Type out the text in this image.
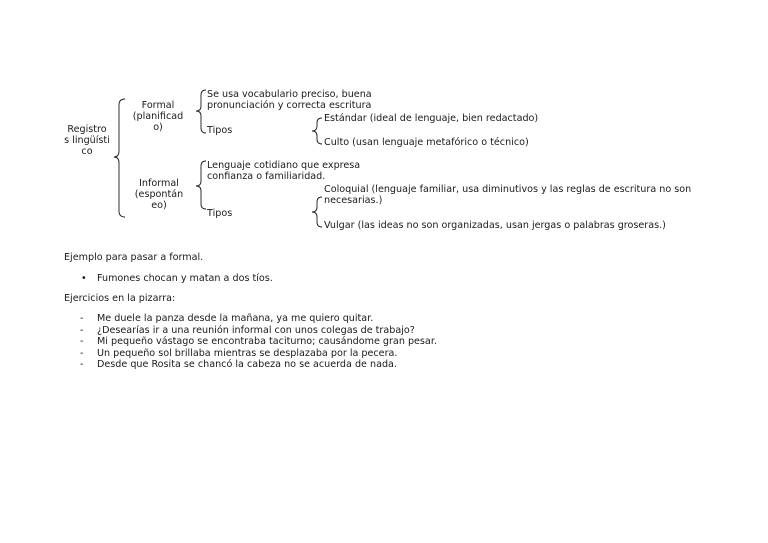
Registro s lingüísti co
Formal (planificad o)
Se usa vocabulario preciso, buena pronunciación y correcta escritura
Tipos
Estándar (ideal de lenguaje, bien redactado)
Culto (usan lenguaje metafórico o técnico)
Informal (espontán eo)
Lenguaje cotidiano que expresa confianza o familiaridad.
Tipos
Coloquial (lenguaje familiar, usa diminutivos y las reglas de escritura no son necesarias.)
Vulgar (las ideas no son organizadas, usan jergas o palabras groseras.)
Ejemplo para pasar a formal.
• Fumones chocan y matan a dos tíos.
Ejercicios en la pizarra:
- Me duele la panza desde la mañana, ya me quiero quitar.
- ¿Desearías ir a una reunión informal con unos colegas de trabajo?
- Mi pequeño vástago se encontraba taciturno; causándome gran pesar.
- Un pequeño sol brillaba mientras se desplazaba por la pecera.
- Desde que Rosita se chancó la cabeza no se acuerda de nada.
